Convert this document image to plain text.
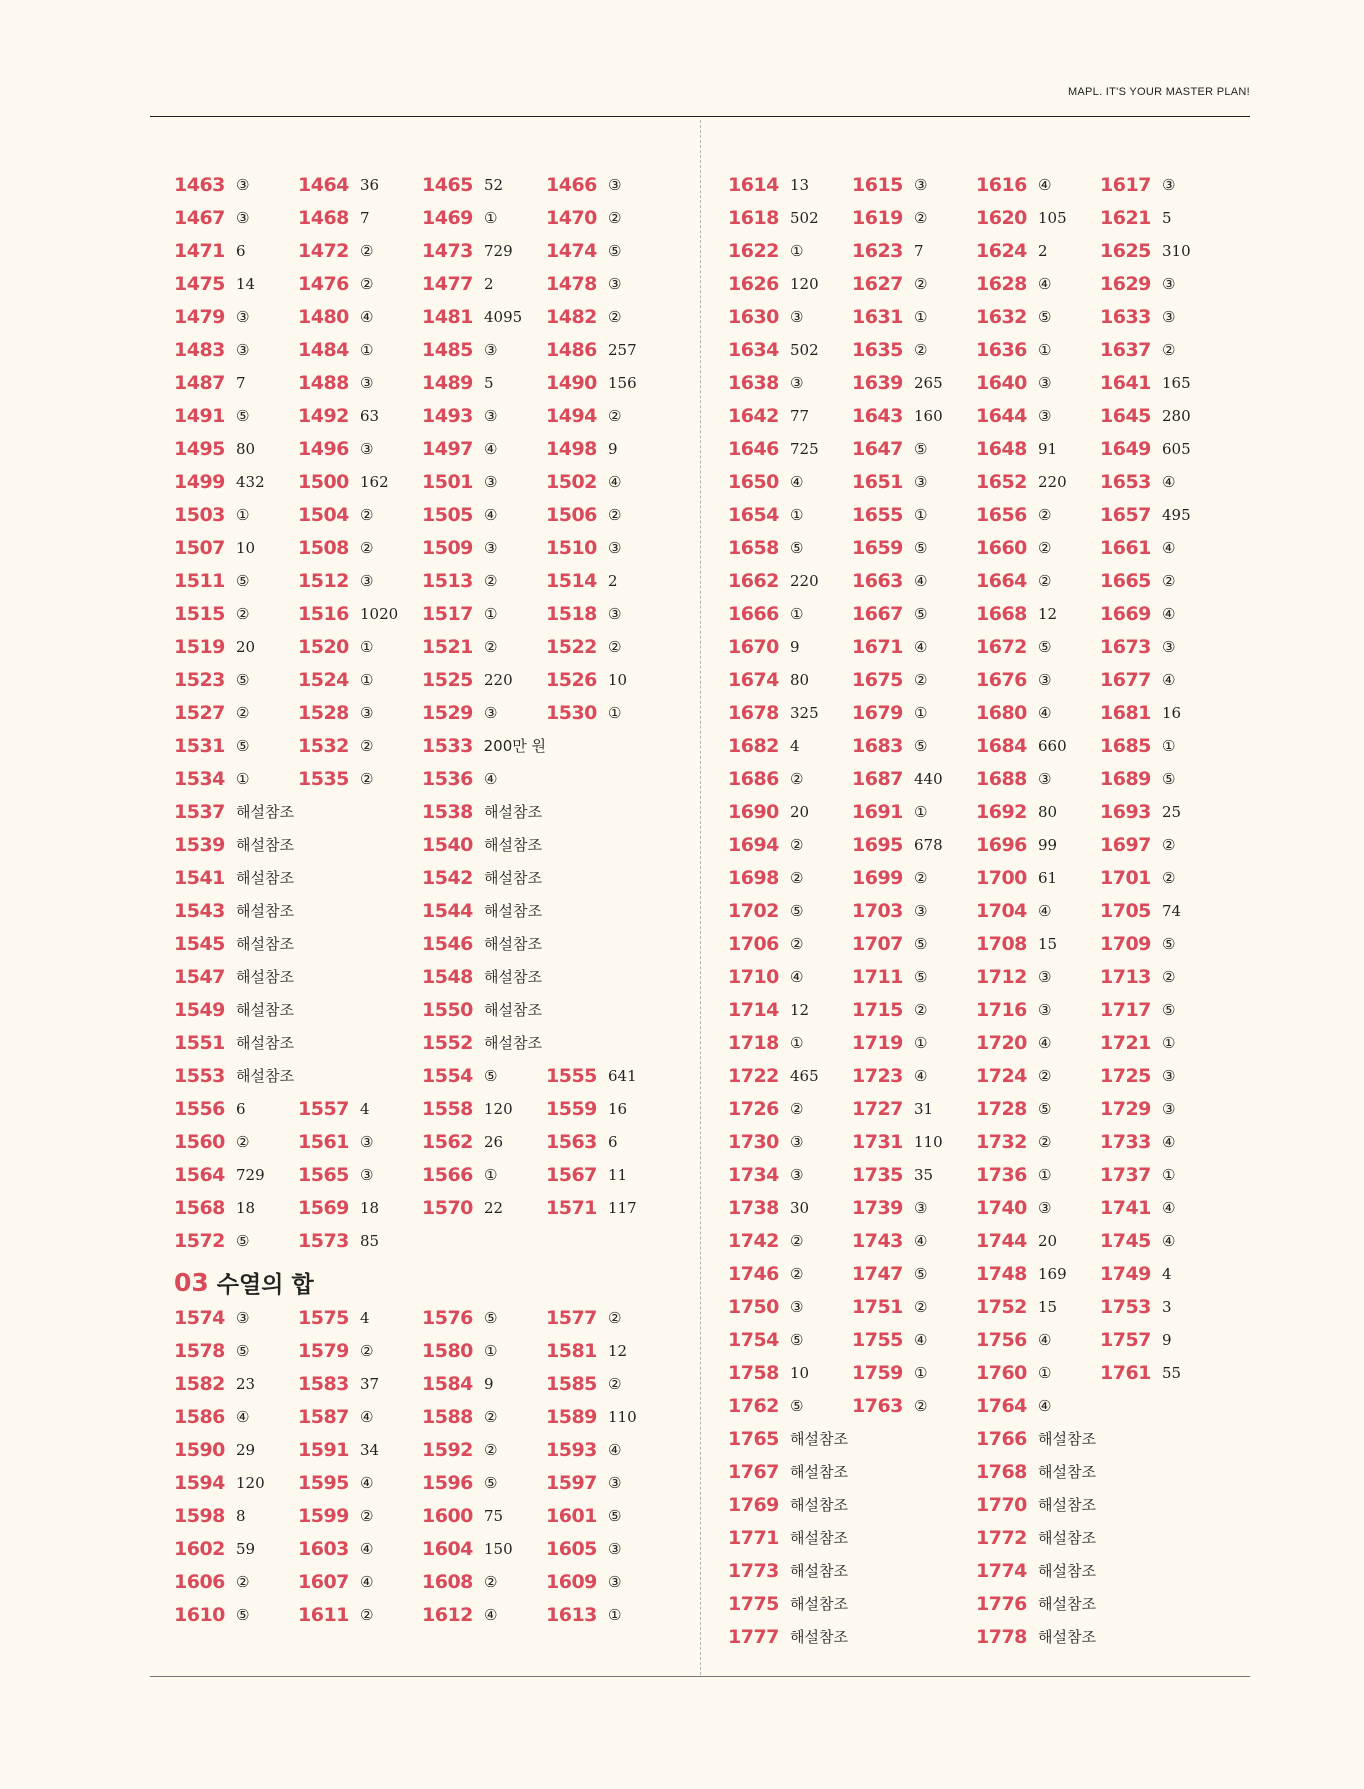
MAPL. IT'S YOUR MASTER PLAN!
1463 ③	1464 36 1465 52 1466 ③
1467 ③	1468 7	1469 ①	1470 ②
1471 6	1472 ②	1473 729 1474 ⑤
1475 14 1476 ②	1477 2	1478 ③
1479 ③	1480 ④	1481 4095 1482 ②
1483 ③	1484 ①	1485 ③	1486 257
1487 7	1488 ③	1489 5	1490 156
1491 ⑤	1492 63 1493 ③	1494 ②
1495 80 1496 ③	1497 ④	1498 9
1499 432 1500 162 1501 ③	1502 ④
1503 ①	1504 ②	1505 ④	1506 ②
1507 10 1508 ②	1509 ③	1510 ③
1511 ⑤	1512 ③	1513 ②	1514 2
1515 ②	1516 1020 1517 ①	1518 ③
1519 20 1520 ①	1521 ②	1522 ②
1523 ⑤	1524 ①	1525 220 1526 10
1527 ②	1528 ③	1529 ③	1530 ①
1531 ⑤	1532 ②	1533 200만 원
1534 ①	1535 ②	1536 ④
1537 해설참조	1538 해설참조
1539 해설참조	1540 해설참조
1541 해설참조	1542 해설참조
1543 해설참조	1544 해설참조
1545 해설참조	1546 해설참조
1547 해설참조	1548 해설참조
1549 해설참조	1550 해설참조
1551 해설참조	1552 해설참조
1553 해설참조	1554 ⑤	1555 641
1556 6	1557 4	1558 120 1559 16
1560 ②	1561 ③	1562 26 1563 6
1564 729 1565 ③	1566 ①	1567 11
1568 18 1569 18 1570 22 1571 117
1572 ⑤	1573 85
03 수열의 합
1574 ③	1575 4	1576 ⑤	1577 ②
1578 ⑤	1579 ②	1580 ①	1581 12
1582 23 1583 37 1584 9	1585 ②
1586 ④	1587 ④	1588 ②	1589 110
1590 29 1591 34 1592 ②	1593 ④
1594 120 1595 ④	1596 ⑤	1597 ③
1598 8	1599 ②	1600 75 1601 ⑤
1602 59 1603 ④	1604 150 1605 ③
1606 ②	1607 ④	1608 ②	1609 ③
1610 ⑤	1611 ②	1612 ④	1613 ①
1614 13 1615 ③	1616 ④	1617 ③
1618 502 1619 ②	1620 105 1621 5
1622 ①	1623 7	1624 2	1625 310
1626 120 1627 ②	1628 ④	1629 ③
1630 ③	1631 ①	1632 ⑤	1633 ③
1634 502 1635 ②	1636 ①	1637 ②
1638 ③	1639 265 1640 ③	1641 165
1642 77 1643 160 1644 ③	1645 280
1646 725 1647 ⑤	1648 91 1649 605
1650 ④	1651 ③	1652 220 1653 ④
1654 ①	1655 ①	1656 ②	1657 495
1658 ⑤	1659 ⑤	1660 ②	1661 ④
1662 220 1663 ④	1664 ②	1665 ②
1666 ①	1667 ⑤	1668 12 1669 ④
1670 9	1671 ④	1672 ⑤	1673 ③
1674 80 1675 ②	1676 ③	1677 ④
1678 325 1679 ①	1680 ④	1681 16
1682 4	1683 ⑤	1684 660 1685 ①
1686 ②	1687 440 1688 ③	1689 ⑤
1690 20 1691 ①	1692 80 1693 25
1694 ②	1695 678 1696 99 1697 ②
1698 ②	1699 ②	1700 61 1701 ②
1702 ⑤	1703 ③	1704 ④	1705 74
1706 ②	1707 ⑤	1708 15 1709 ⑤
1710 ④	1711 ⑤	1712 ③	1713 ②
1714 12 1715 ②	1716 ③	1717 ⑤
1718 ①	1719 ①	1720 ④	1721 ①
1722 465 1723 ④	1724 ②	1725 ③
1726 ②	1727 31 1728 ⑤	1729 ③
1730 ③	1731 110 1732 ②	1733 ④
1734 ③	1735 35 1736 ①	1737 ①
1738 30 1739 ③	1740 ③	1741 ④
1742 ②	1743 ④	1744 20 1745 ④
1746 ②	1747 ⑤	1748 169 1749 4
1750 ③	1751 ②	1752 15 1753 3
1754 ⑤	1755 ④	1756 ④	1757 9
1758 10 1759 ①	1760 ①	1761 55
1762 ⑤	1763 ②	1764 ④
1765 해설참조	1766 해설참조
1767 해설참조	1768 해설참조
1769 해설참조	1770 해설참조
1771 해설참조	1772 해설참조
1773 해설참조	1774 해설참조
1775 해설참조	1776 해설참조
1777 해설참조	1778 해설참조
